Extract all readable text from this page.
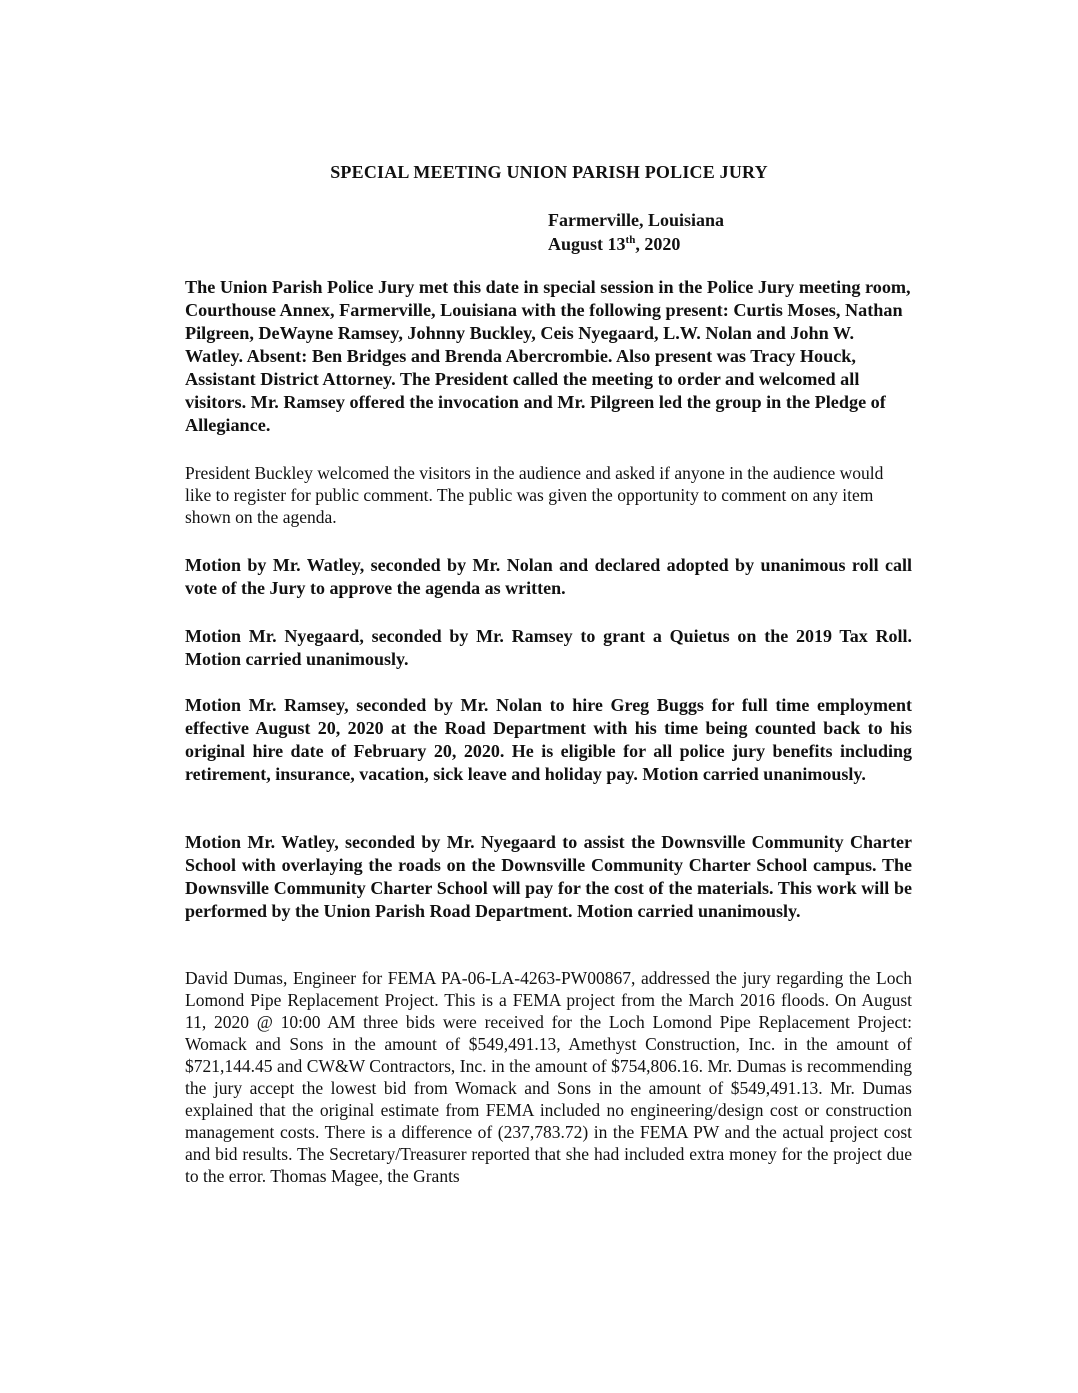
SPECIAL MEETING UNION PARISH POLICE JURY
Farmerville, Louisiana
August 13th, 2020

The Union Parish Police Jury met this date in special session in the Police Jury meeting room, Courthouse Annex, Farmerville, Louisiana with the following present: Curtis Moses, Nathan Pilgreen, DeWayne Ramsey, Johnny Buckley, Ceis Nyegaard, L.W. Nolan and John W. Watley. Absent: Ben Bridges and Brenda Abercrombie. Also present was Tracy Houck, Assistant District Attorney. The President called the meeting to order and welcomed all visitors. Mr. Ramsey offered the invocation and Mr. Pilgreen led the group in the Pledge of Allegiance.

President Buckley welcomed the visitors in the audience and asked if anyone in the audience would like to register for public comment. The public was given the opportunity to comment on any item shown on the agenda.

Motion by Mr. Watley, seconded by Mr. Nolan and declared adopted by unanimous roll call vote of the Jury to approve the agenda as written.

Motion Mr. Nyegaard, seconded by Mr. Ramsey to grant a Quietus on the 2019 Tax Roll. Motion carried unanimously.

Motion Mr. Ramsey, seconded by Mr. Nolan to hire Greg Buggs for full time employment effective August 20, 2020 at the Road Department with his time being counted back to his original hire date of February 20, 2020. He is eligible for all police jury benefits including retirement, insurance, vacation, sick leave and holiday pay. Motion carried unanimously.

Motion Mr. Watley, seconded by Mr. Nyegaard to assist the Downsville Community Charter School with overlaying the roads on the Downsville Community Charter School campus. The Downsville Community Charter School will pay for the cost of the materials. This work will be performed by the Union Parish Road Department. Motion carried unanimously.

David Dumas, Engineer for FEMA PA-06-LA-4263-PW00867, addressed the jury regarding the Loch Lomond Pipe Replacement Project. This is a FEMA project from the March 2016 floods. On August 11, 2020 @ 10:00 AM three bids were received for the Loch Lomond Pipe Replacement Project: Womack and Sons in the amount of $549,491.13, Amethyst Construction, Inc. in the amount of $721,144.45 and CW&W Contractors, Inc. in the amount of $754,806.16. Mr. Dumas is recommending the jury accept the lowest bid from Womack and Sons in the amount of $549,491.13. Mr. Dumas explained that the original estimate from FEMA included no engineering/design cost or construction management costs. There is a difference of (237,783.72) in the FEMA PW and the actual project cost and bid results. The Secretary/Treasurer reported that she had included extra money for the project due to the error. Thomas Magee, the Grants
